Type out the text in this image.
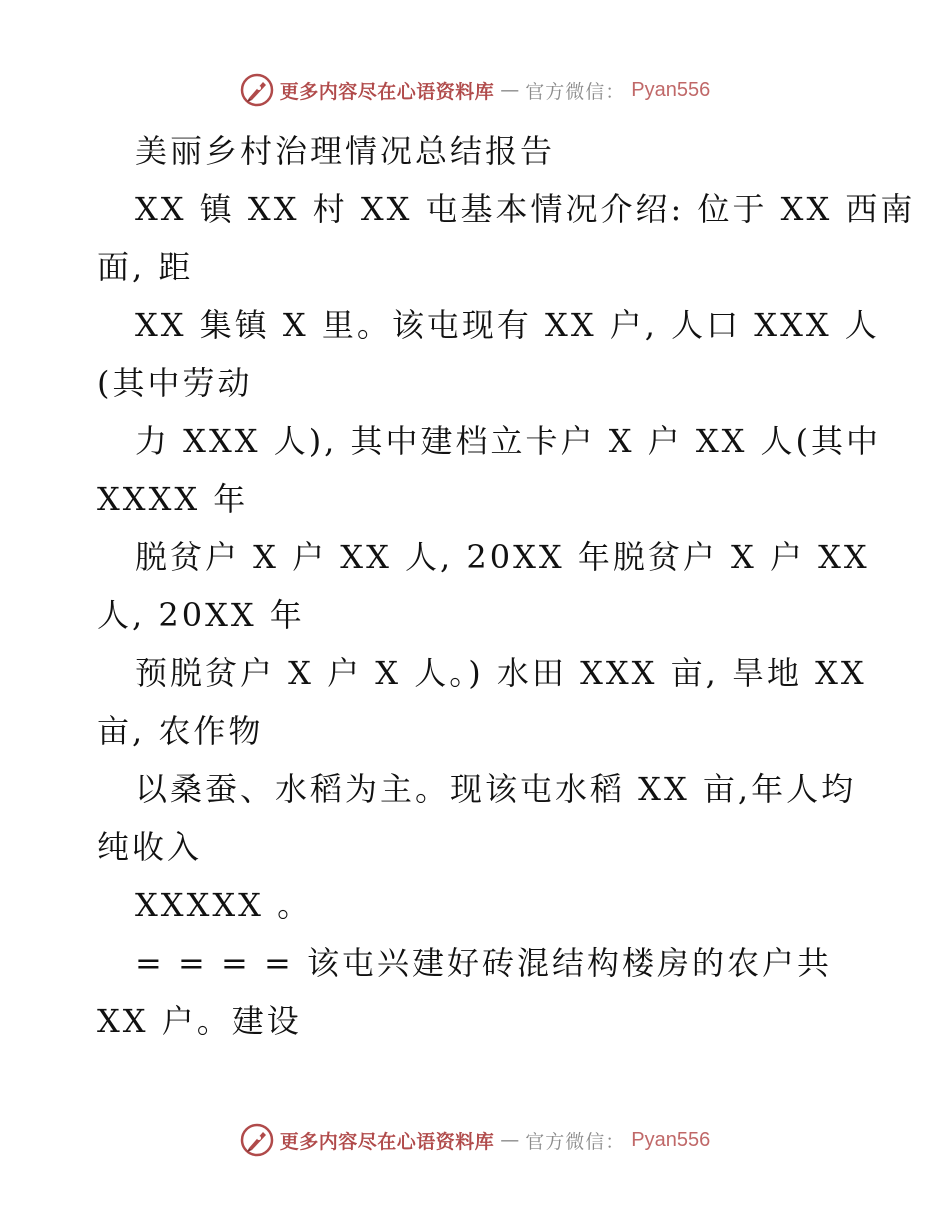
更多内容尽在心语资料库 — 官方微信： Pyan556
美丽乡村治理情况总结报告
XX 镇 XX 村 XX 屯基本情况介绍: 位于 XX 西南
面, 距
XX 集镇 X 里。该屯现有 XX 户, 人口 XXX 人
(其中劳动
力 XXX 人), 其中建档立卡户 X 户 XX 人(其中
XXXX 年
脱贫户 X 户 XX 人, 20XX 年脱贫户 X 户 XX
人, 20XX 年
预脱贫户 X 户 X 人。) 水田 XXX 亩, 旱地 XX
亩, 农作物
以桑蚕、水稻为主。现该屯水稻 XX 亩,年人均
纯收入
XXXXX 。
= = = = 该屯兴建好砖混结构楼房的农户共
XX 户。建设
更多内容尽在心语资料库 — 官方微信： Pyan556
